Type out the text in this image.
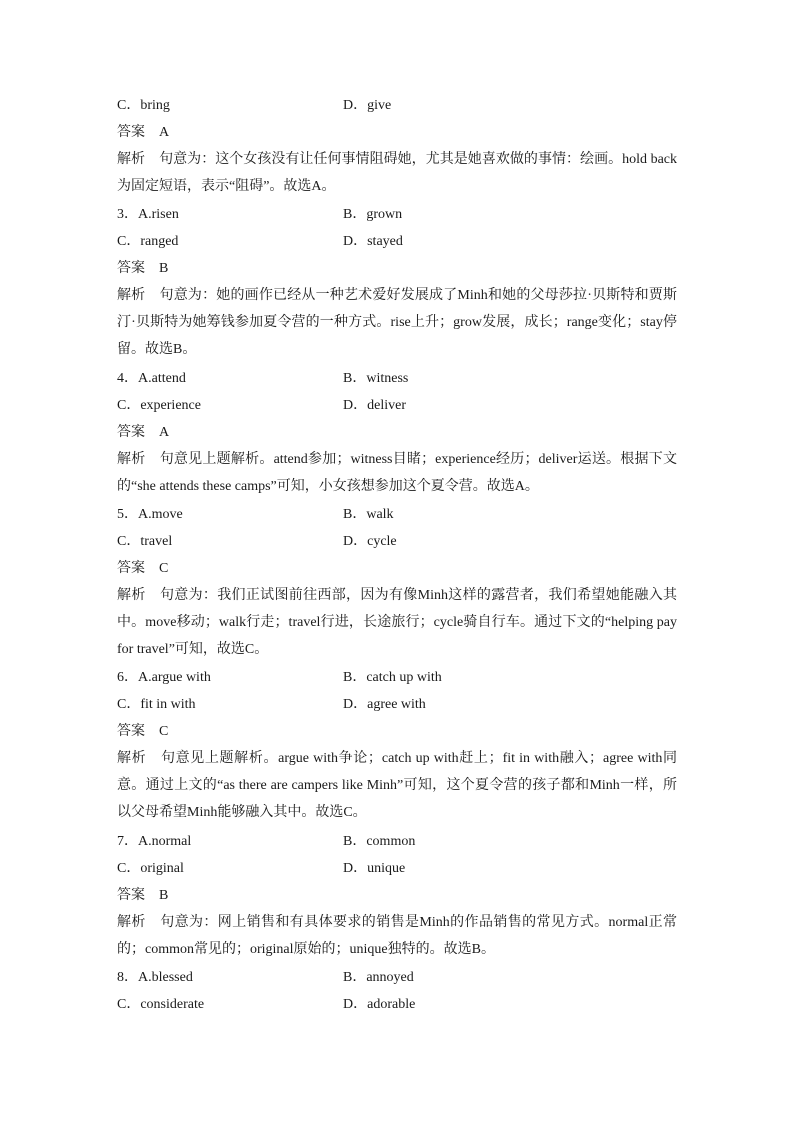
C．bring	D．give
答案 A
解析 句意为：这个女孩没有让任何事情阻碍她，尤其是她喜欢做的事情：绘画。hold back为固定短语，表示“阻碍”。故选A。
3．A.risen	B．grown
C．ranged	D．stayed
答案 B
解析 句意为：她的画作已经从一种艺术爱好发展成了Minh和她的父母莎拉·贝斯特和贾斯汀·贝斯特为她筹钱参加夏令营的一种方式。rise上升；grow发展，成长；range变化；stay停留。故选B。
4．A.attend	B．witness
C．experience	D．deliver
答案 A
解析 句意见上题解析。attend参加；witness目睹；experience经历；deliver运送。根据下文的“she attends these camps”可知，小女孩想参加这个夏令营。故选A。
5．A.move	B．walk
C．travel	D．cycle
答案 C
解析 句意为：我们正试图前往西部，因为有像Minh这样的露营者，我们希望她能融入其中。move移动；walk行走；travel行进，长途旅行；cycle骑自行车。通过下文的“helping pay for travel”可知，故选C。
6．A.argue with	B．catch up with
C．fit in with	D．agree with
答案 C
解析 句意见上题解析。argue with争论；catch up with赶上；fit in with融入；agree with同意。通过上文的“as there are campers like Minh”可知，这个夏令营的孩子都和Minh一样，所以父母希望Minh能够融入其中。故选C。
7．A.normal	B．common
C．original	D．unique
答案 B
解析 句意为：网上销售和有具体要求的销售是Minh的作品销售的常见方式。normal正常的；common常见的；original原始的；unique独特的。故选B。
8．A.blessed	B．annoyed
C．considerate	D．adorable
